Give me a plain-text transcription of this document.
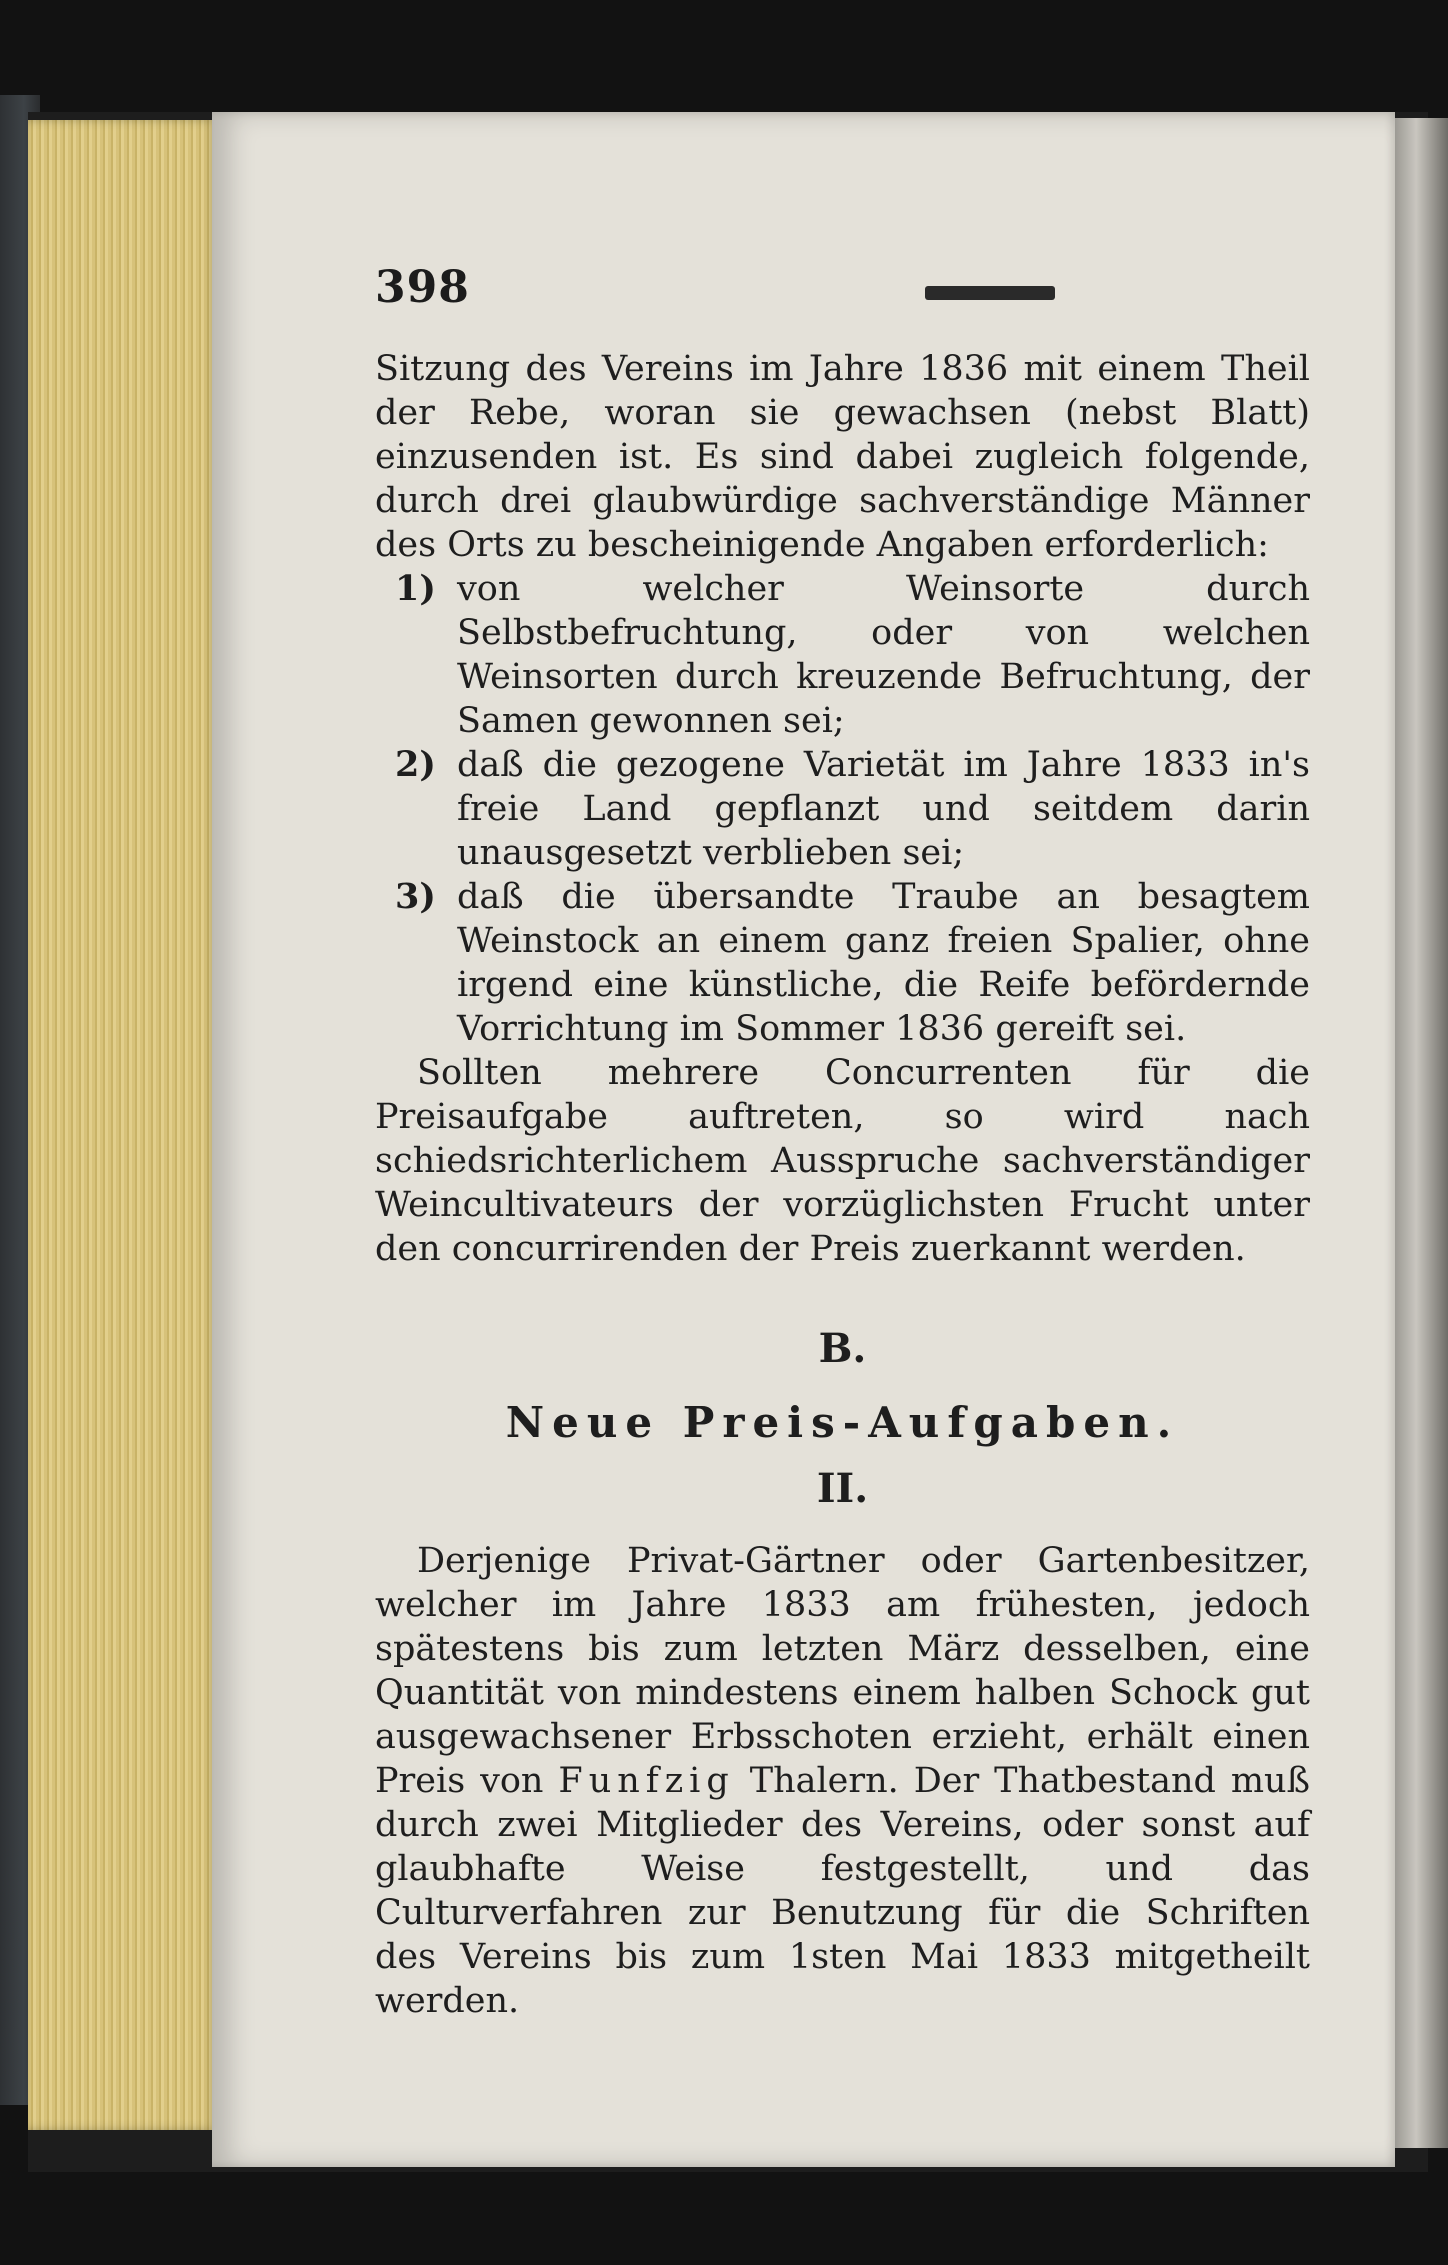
398

Sitzung des Vereins im Jahre 1836 mit einem Theil der Rebe, woran sie gewachsen (nebst Blatt) einzusenden ist. Es sind dabei zugleich folgende, durch drei glaubwürdige sachverständige Männer des Orts zu bescheinigende Angaben erforderlich:

1) von welcher Weinsorte durch Selbstbefruchtung, oder von welchen Weinsorten durch kreuzende Befruchtung, der Samen gewonnen sei;
2) daß die gezogene Varietät im Jahre 1833 in's freie Land gepflanzt und seitdem darin unausgesetzt verblieben sei;
3) daß die übersandte Traube an besagtem Weinstock an einem ganz freien Spalier, ohne irgend eine künstliche, die Reife befördernde Vorrichtung im Sommer 1836 gereift sei.

Sollten mehrere Concurrenten für die Preisaufgabe auftreten, so wird nach schiedsrichterlichem Ausspruche sachverständiger Weincultivateurs der vorzüglichsten Frucht unter den concurrirenden der Preis zuerkannt werden.

B.
Neue Preis-Aufgaben.
II.

Derjenige Privat-Gärtner oder Gartenbesitzer, welcher im Jahre 1833 am frühesten, jedoch spätestens bis zum letzten März desselben, eine Quantität von mindestens einem halben Schock gut ausgewachsener Erbsschoten erzieht, erhält einen Preis von Funfzig Thalern. Der Thatbestand muß durch zwei Mitglieder des Vereins, oder sonst auf glaubhafte Weise festgestellt, und das Culturverfahren zur Benutzung für die Schriften des Vereins bis zum 1sten Mai 1833 mitgetheilt werden.
